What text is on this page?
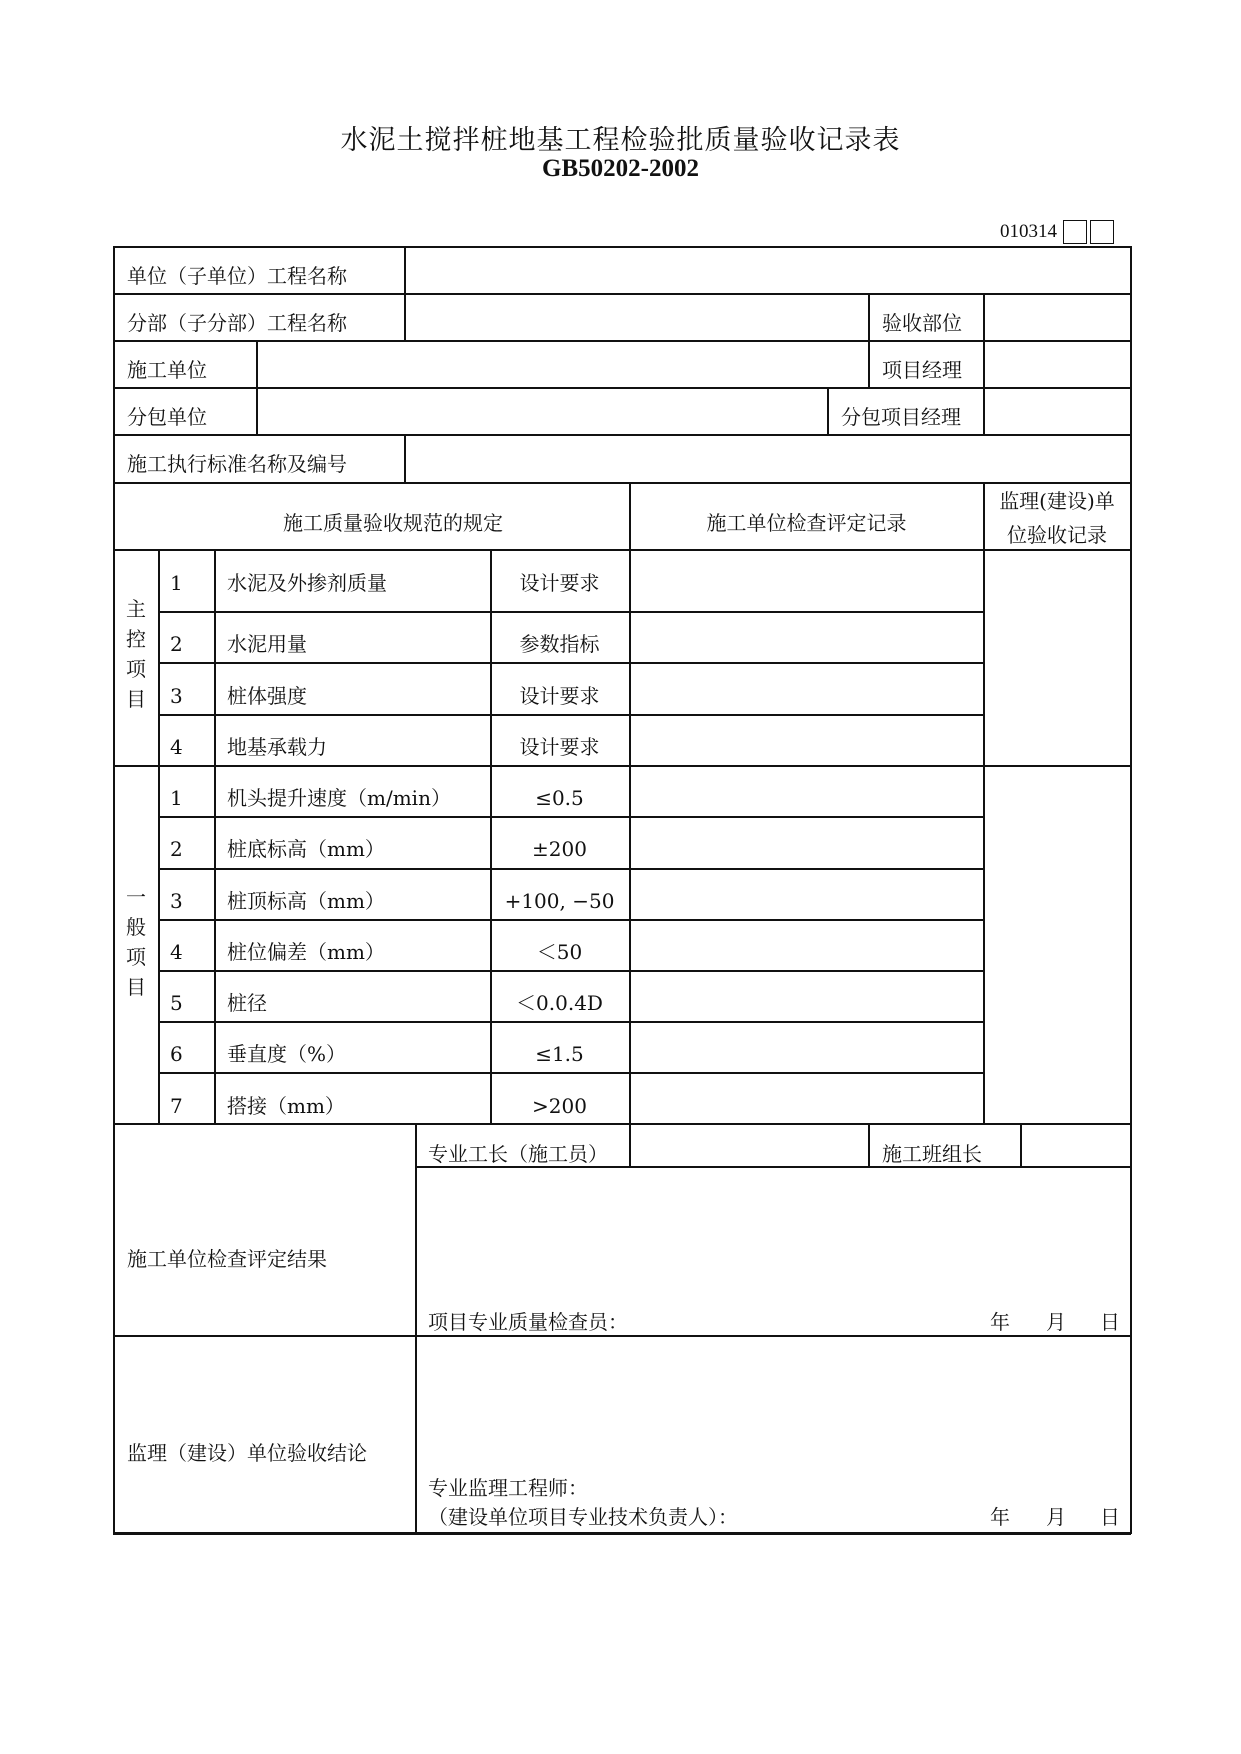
水泥土搅拌桩地基工程检验批质量验收记录表
GB50202-2002
010314
单位（子单位）工程名称
分部（子分部）工程名称	验收部位
施工单位	项目经理
分包单位	分包项目经理
施工执行标准名称及编号
施工质量验收规范的规定	施工单位检查评定记录
监理(建设)单
位验收记录
主
控
项
目
1 水泥及外掺剂质量	设计要求
2 水泥用量	参数指标
3 桩体强度	设计要求
4 地基承载力	设计要求
一
般
项
目
1 机头提升速度（m/min）	≤0.5
2 桩底标高（mm）	±200
3 桩顶标高（mm）	+100, −50
4 桩位偏差（mm）	＜50
5 桩径	＜0.0.4D
6 垂直度（%）	≤1.5
7 搭接（mm）	>200
专业工长（施工员）	施工班组长
施工单位检查评定结果
项目专业质量检查员：	年 月 日
监理（建设）单位验收结论
专业监理工程师：
（建设单位项目专业技术负责人）：	年 月 日
